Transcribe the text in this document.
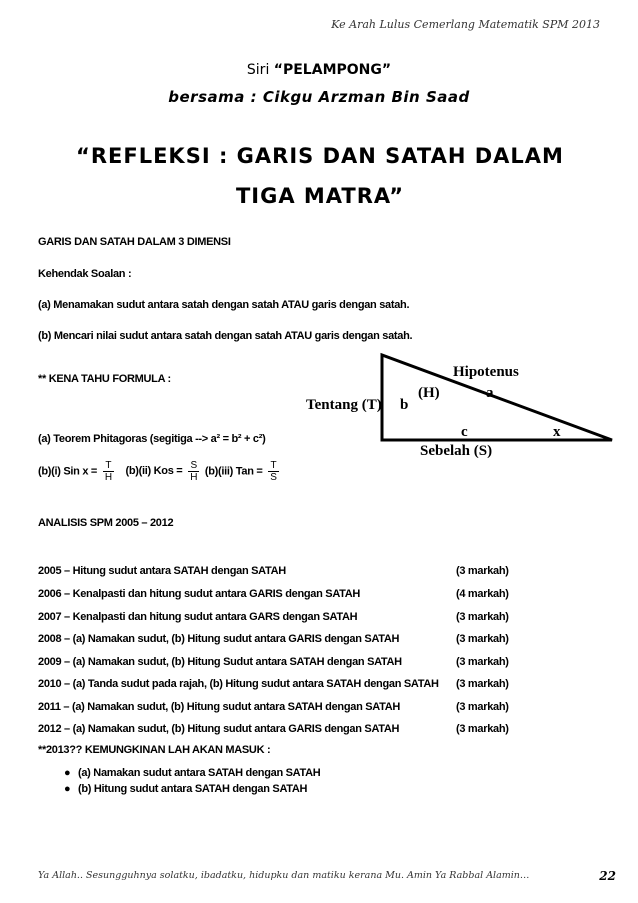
Ke Arah Lulus Cemerlang Matematik SPM 2013
Siri “PELAMPONG”
bersama : Cikgu Arzman Bin Saad
“REFLEKSI : GARIS DAN SATAH DALAM
TIGA MATRA”
GARIS DAN SATAH DALAM 3 DIMENSI
Kehendak Soalan :
(a) Menamakan sudut antara satah dengan satah ATAU garis dengan satah.
(b) Mencari nilai sudut antara satah dengan satah ATAU garis dengan satah.
** KENA TAHU FORMULA :	Hipotenus
(H)	a
Tentang (T) b
c	x
Sebelah (S)
(a) Teorem Phitagoras (segitiga --> a² = b² + c²)
(b)(i) Sin $x = \frac{T}{H} (b)(ii)$ Kos = $\frac{S}{H} (b)(iii)$ Tan = $\frac{T}{S}$
ANALISIS SPM 2005 – 2012
2005 – Hitung sudut antara SATAH dengan SATAH	(3 markah)
2006 – Kenalpasti dan hitung sudut antara GARIS dengan SATAH	(4 markah)
2007 – Kenalpasti dan hitung sudut antara GARS dengan SATAH	(3 markah)
2008 – (a) Namakan sudut, (b) Hitung sudut antara GARIS dengan SATAH	(3 markah)
2009 – (a) Namakan sudut, (b) Hitung Sudut antara SATAH dengan SATAH	(3 markah)
2010 – (a) Tanda sudut pada rajah, (b) Hitung sudut antara SATAH dengan SATAH (3 markah)
2011 – (a) Namakan sudut, (b) Hitung sudut antara SATAH dengan SATAH	(3 markah)
2012 – (a) Namakan sudut, (b) Hitung sudut antara GARIS dengan SATAH	(3 markah)
**2013?? KEMUNGKINAN LAH AKAN MASUK :
● (a) Namakan sudut antara SATAH dengan SATAH
● (b) Hitung sudut antara SATAH dengan SATAH
Ya Allah.. Sesungguhnya solatku, ibadatku, hidupku dan matiku kerana Mu. Amin Ya Rabbal Alamin…	22
